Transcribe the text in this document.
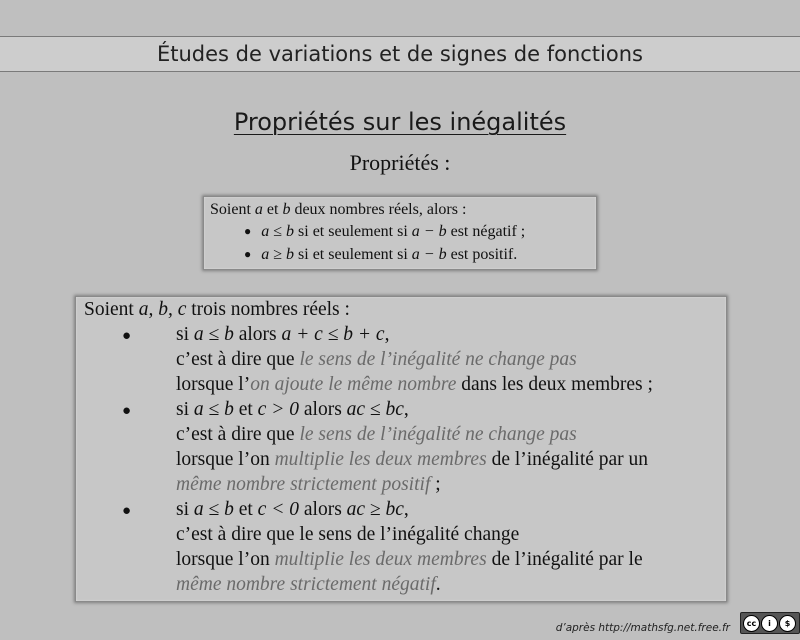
Études de variations et de signes de fonctions
Propriétés sur les inégalités
Propriétés :
Soient a et b deux nombres réels, alors :
● a ≤ b si et seulement si a − b est négatif ;
● a ≥ b si et seulement si a − b est positif.
Soient a, b, c trois nombres réels :
● si a ≤ b alors a + c ≤ b + c,
c’est à dire que le sens de l’inégalité ne change pas
lorsque l’on ajoute le même nombre dans les deux membres ;
● si a ≤ b et c > 0 alors ac ≤ bc,
c’est à dire que le sens de l’inégalité ne change pas
lorsque l’on multiplie les deux membres de l’inégalité par un
même nombre strictement positif ;
● si a ≤ b et c < 0 alors ac ≥ bc,
c’est à dire que le sens de l’inégalité change
lorsque l’on multiplie les deux membres de l’inégalité par le
même nombre strictement négatif.
d’après http://mathsfg.net.free.fr	cc	i	$
